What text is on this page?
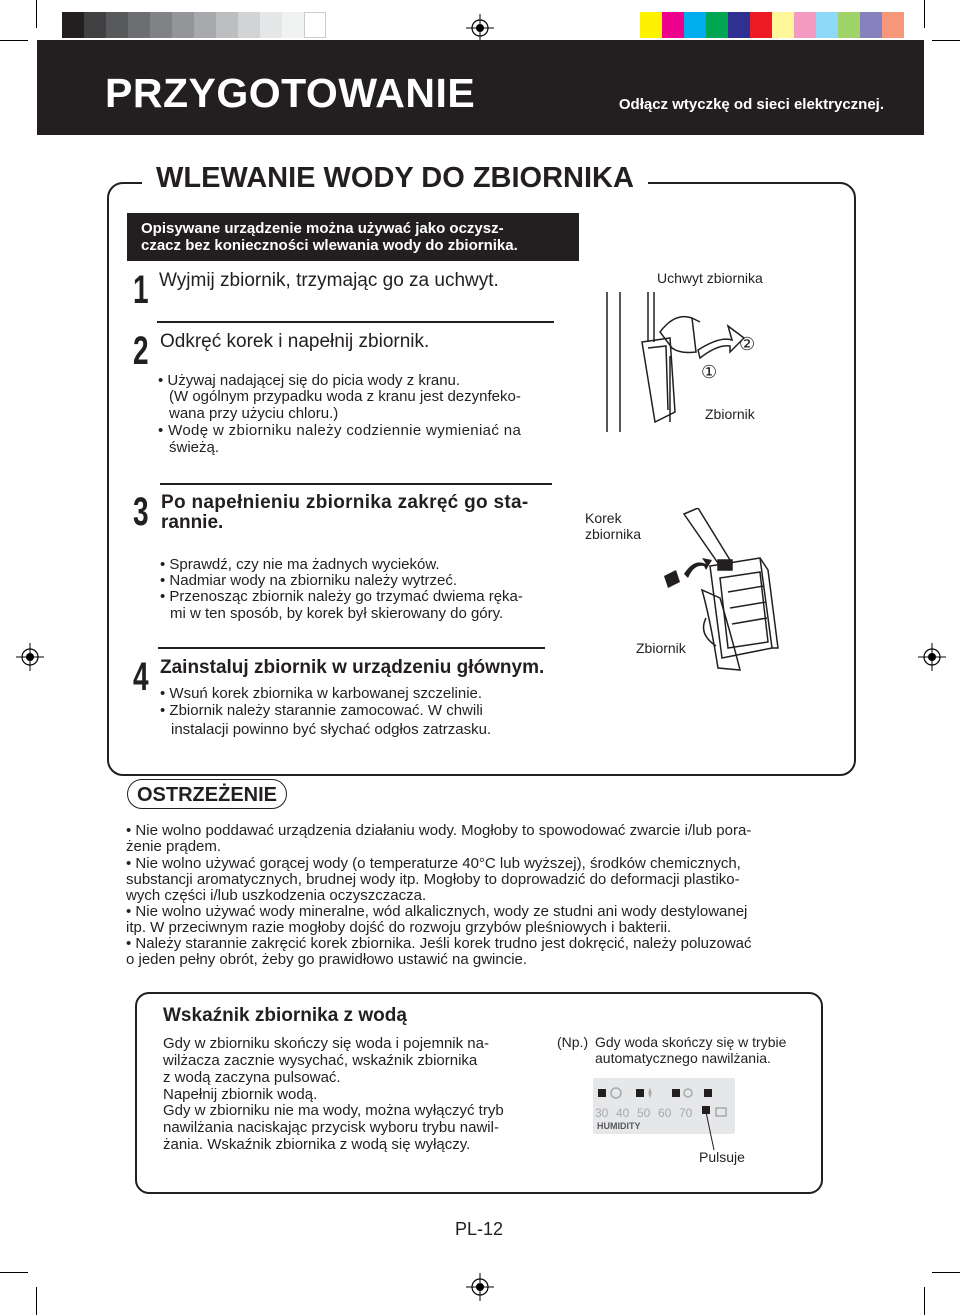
PRZYGOTOWANIE	Odłącz wtyczkę od sieci elektrycznej.
WLEWANIE WODY DO ZBIORNIKA
Opisywane urządzenie można używać jako oczysz-
czacz bez konieczności wlewania wody do zbiornika.
1 Wyjmij zbiornik, trzymając go za uchwyt.
2 Odkręć korek i napełnij zbiornik.
• Używaj nadającej się do picia wody z kranu.
(W ogólnym przypadku woda z kranu jest dezynfeko-
wana przy użyciu chloru.)
• Wodę w zbiorniku należy codziennie wymieniać na
świeżą.
3 Po napełnieniu zbiornika zakręć go sta-
rannie.
• Sprawdź, czy nie ma żadnych wycieków.
• Nadmiar wody na zbiorniku należy wytrzeć.
• Przenosząc zbiornik należy go trzymać dwiema ręka-
mi w ten sposób, by korek był skierowany do góry.
4 Zainstaluj zbiornik w urządzeniu głównym.
• Wsuń korek zbiornika w karbowanej szczelinie.
• Zbiornik należy starannie zamocować. W chwili
instalacji powinno być słychać odgłos zatrzasku.
Uchwyt zbiornika
①
②
Zbiornik
Korek
zbiornika
Zbiornik
OSTRZEŻENIE
• Nie wolno poddawać urządzenia działaniu wody. Mogłoby to spowodować zwarcie i/lub pora-
żenie prądem.
• Nie wolno używać gorącej wody (o temperaturze 40°C lub wyższej), środków chemicznych,
substancji aromatycznych, brudnej wody itp. Mogłoby to doprowadzić do deformacji plastiko-
wych części i/lub uszkodzenia oczyszczacza.
• Nie wolno używać wody mineralne, wód alkalicznych, wody ze studni ani wody destylowanej
itp. W przeciwnym razie mogłoby dojść do rozwoju grzybów pleśniowych i bakterii.
• Należy starannie zakręcić korek zbiornika. Jeśli korek trudno jest dokręcić, należy poluzować
o jeden pełny obrót, żeby go prawidłowo ustawić na gwincie.
Wskaźnik zbiornika z wodą
Gdy w zbiorniku skończy się woda i pojemnik na-
wilżacza zacznie wysychać, wskaźnik zbiornika
z wodą zaczyna pulsować.
Napełnij zbiornik wodą.
Gdy w zbiorniku nie ma wody, można wyłączyć tryb
nawilżania naciskając przycisk wyboru trybu nawil-
żania. Wskaźnik zbiornika z wodą się wyłączy.
(Np.) Gdy woda skończy się w trybie
automatycznego nawilżania.
30 40 50 60 70
HUMIDITY
Pulsuje
PL-12
